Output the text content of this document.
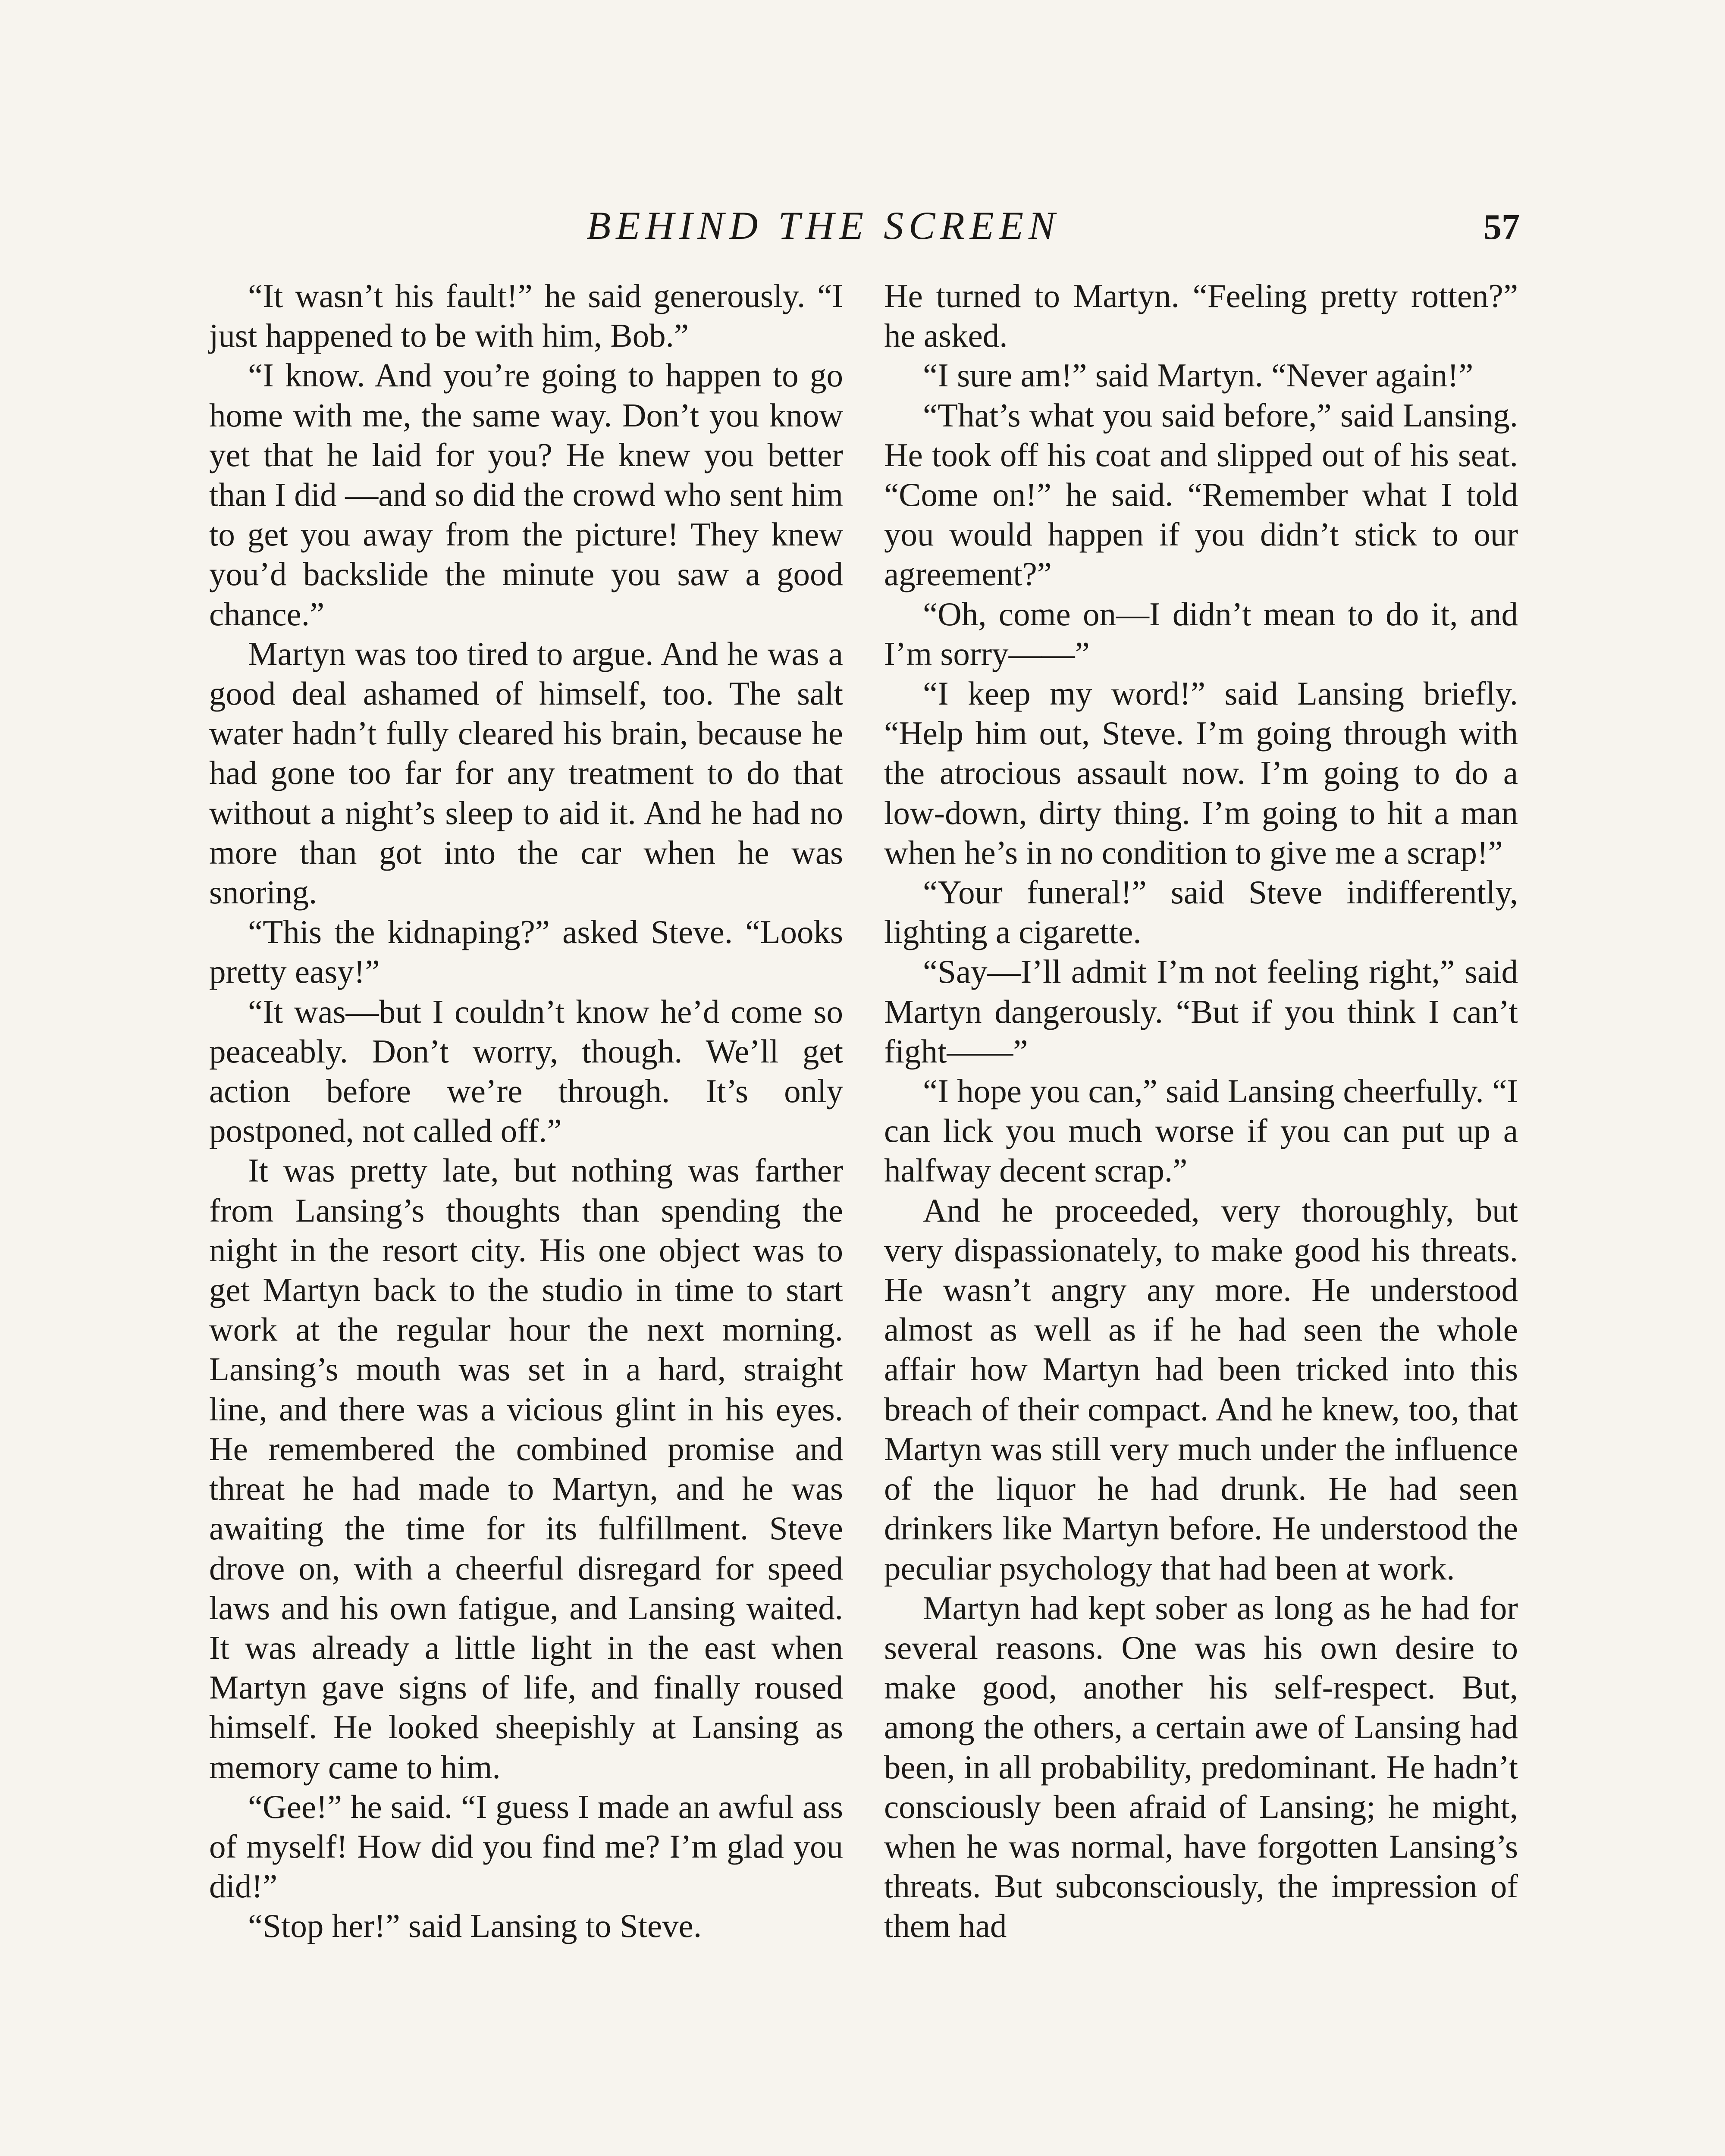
BEHIND THE SCREEN	57

“It wasn’t his fault!” he said generously. “I just happened to be with him, Bob.”

“I know. And you’re going to happen to go home with me, the same way. Don’t you know yet that he laid for you? He knew you better than I did —and so did the crowd who sent him to get you away from the picture! They knew you’d backslide the minute you saw a good chance.”

Martyn was too tired to argue. And he was a good deal ashamed of himself, too. The salt water hadn’t fully cleared his brain, because he had gone too far for any treatment to do that without a night’s sleep to aid it. And he had no more than got into the car when he was snoring.

“This the kidnaping?” asked Steve. “Looks pretty easy!”

“It was—but I couldn’t know he’d come so peaceably. Don’t worry, though. We’ll get action before we’re through. It’s only postponed, not called off.”

It was pretty late, but nothing was farther from Lansing’s thoughts than spending the night in the resort city. His one object was to get Martyn back to the studio in time to start work at the regular hour the next morning. Lansing’s mouth was set in a hard, straight line, and there was a vicious glint in his eyes. He remembered the combined promise and threat he had made to Martyn, and he was awaiting the time for its fulfillment. Steve drove on, with a cheerful disregard for speed laws and his own fatigue, and Lansing waited. It was already a little light in the east when Martyn gave signs of life, and finally roused himself. He looked sheepishly at Lansing as memory came to him.

“Gee!” he said. “I guess I made an awful ass of myself! How did you find me? I’m glad you did!”

“Stop her!” said Lansing to Steve.

He turned to Martyn. “Feeling pretty rotten?” he asked.

“I sure am!” said Martyn. “Never again!”

“That’s what you said before,” said Lansing. He took off his coat and slipped out of his seat. “Come on!” he said. “Remember what I told you would happen if you didn’t stick to our agreement?”

“Oh, come on—I didn’t mean to do it, and I’m sorry——”

“I keep my word!” said Lansing briefly. “Help him out, Steve. I’m going through with the atrocious assault now. I’m going to do a low-down, dirty thing. I’m going to hit a man when he’s in no condition to give me a scrap!”

“Your funeral!” said Steve indifferently, lighting a cigarette.

“Say—I’ll admit I’m not feeling right,” said Martyn dangerously. “But if you think I can’t fight——”

“I hope you can,” said Lansing cheerfully. “I can lick you much worse if you can put up a halfway decent scrap.”

And he proceeded, very thoroughly, but very dispassionately, to make good his threats. He wasn’t angry any more. He understood almost as well as if he had seen the whole affair how Martyn had been tricked into this breach of their compact. And he knew, too, that Martyn was still very much under the influence of the liquor he had drunk. He had seen drinkers like Martyn before. He understood the peculiar psychology that had been at work.

Martyn had kept sober as long as he had for several reasons. One was his own desire to make good, another his self-respect. But, among the others, a certain awe of Lansing had been, in all probability, predominant. He hadn’t consciously been afraid of Lansing; he might, when he was normal, have forgotten Lansing’s threats. But subconsciously, the impression of them had
